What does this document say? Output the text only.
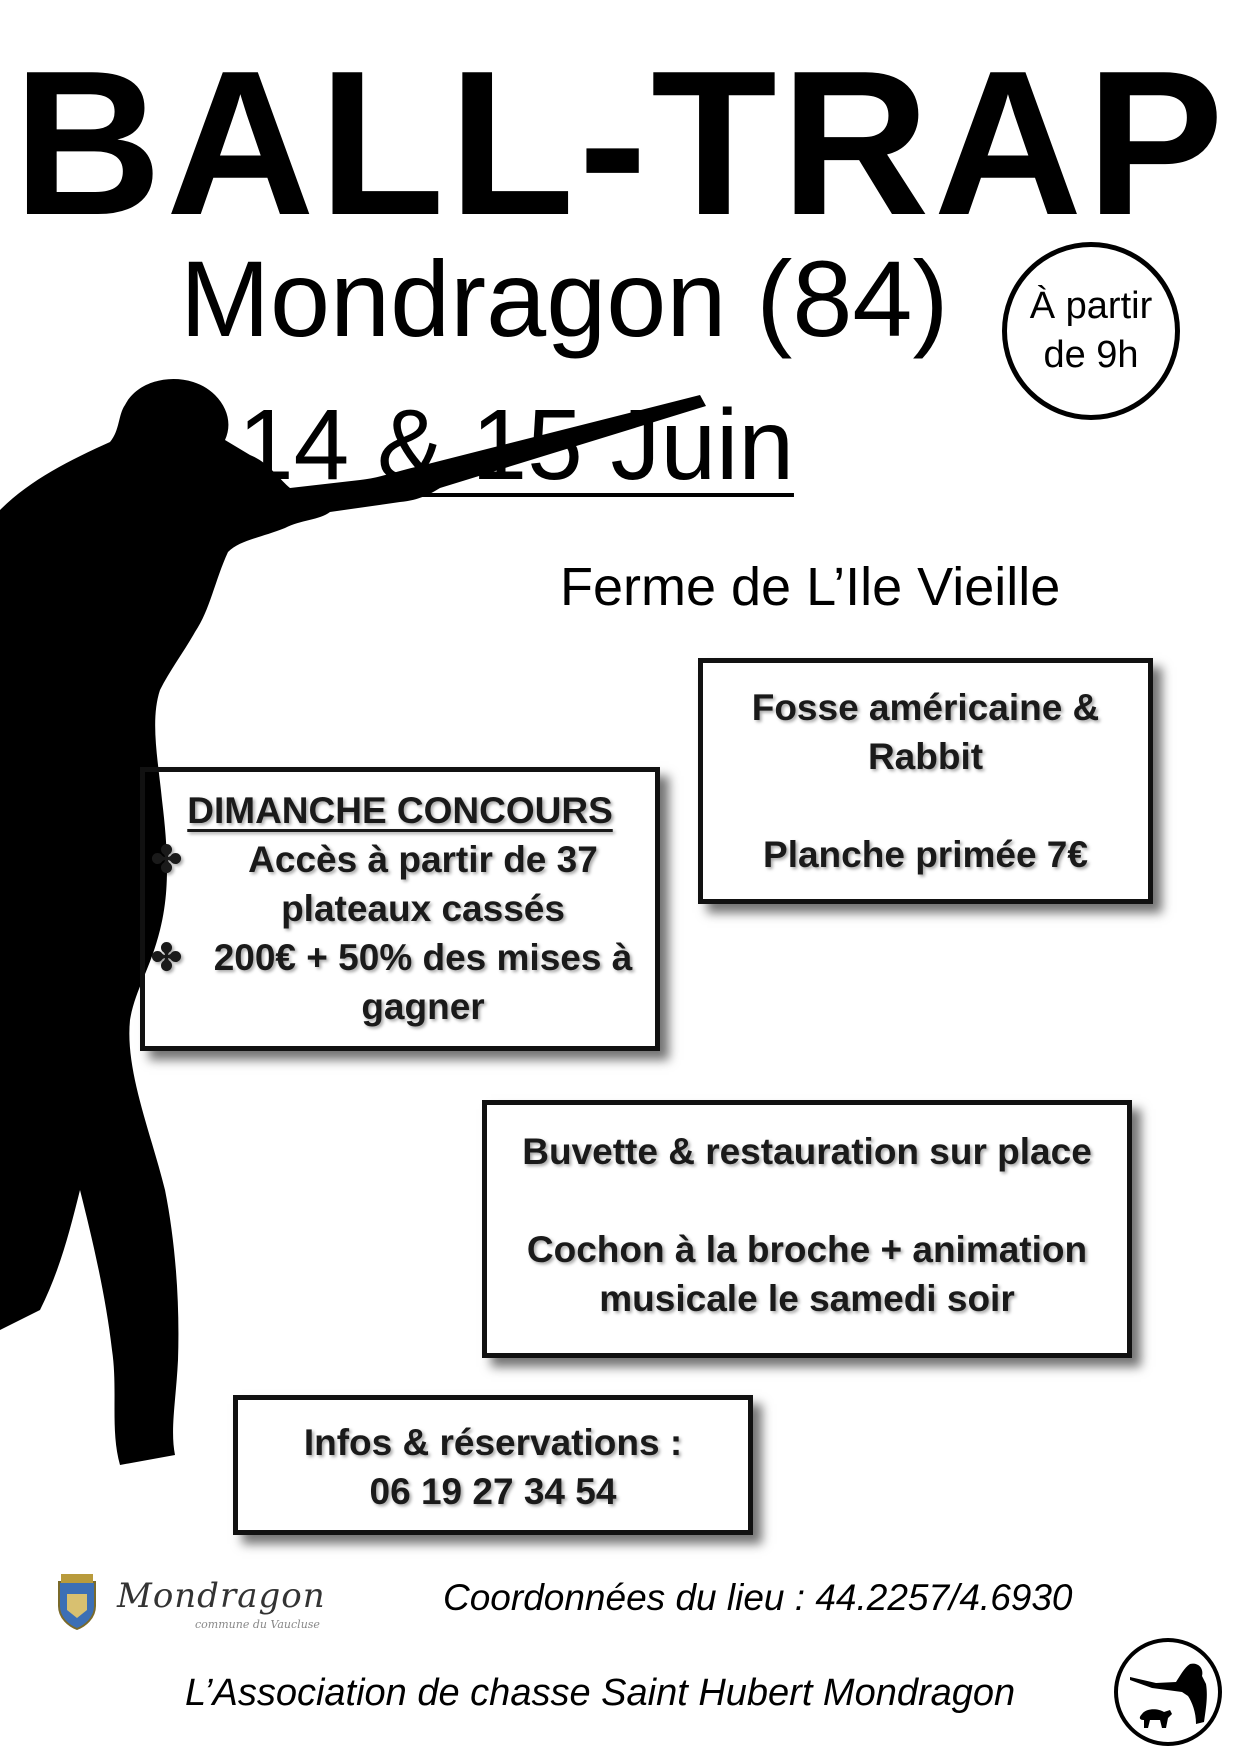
BALL-TRAP
Mondragon (84)
14 & 15 Juin
À partir
de 9h
Ferme de L’Ile Vieille
Fosse américaine &
Rabbit
Planche primée 7€
DIMANCHE CONCOURS
✤	Accès à partir de 37
plateaux cassés
✤ 200€ + 50% des mises à
gagner
Buvette & restauration sur place
Cochon à la broche + animation
musicale le samedi soir
Infos & réservations :
06 19 27 34 54
Mondragon
commune du Vaucluse
Coordonnées du lieu : 44.2257/4.6930
L’Association de chasse Saint Hubert Mondragon
